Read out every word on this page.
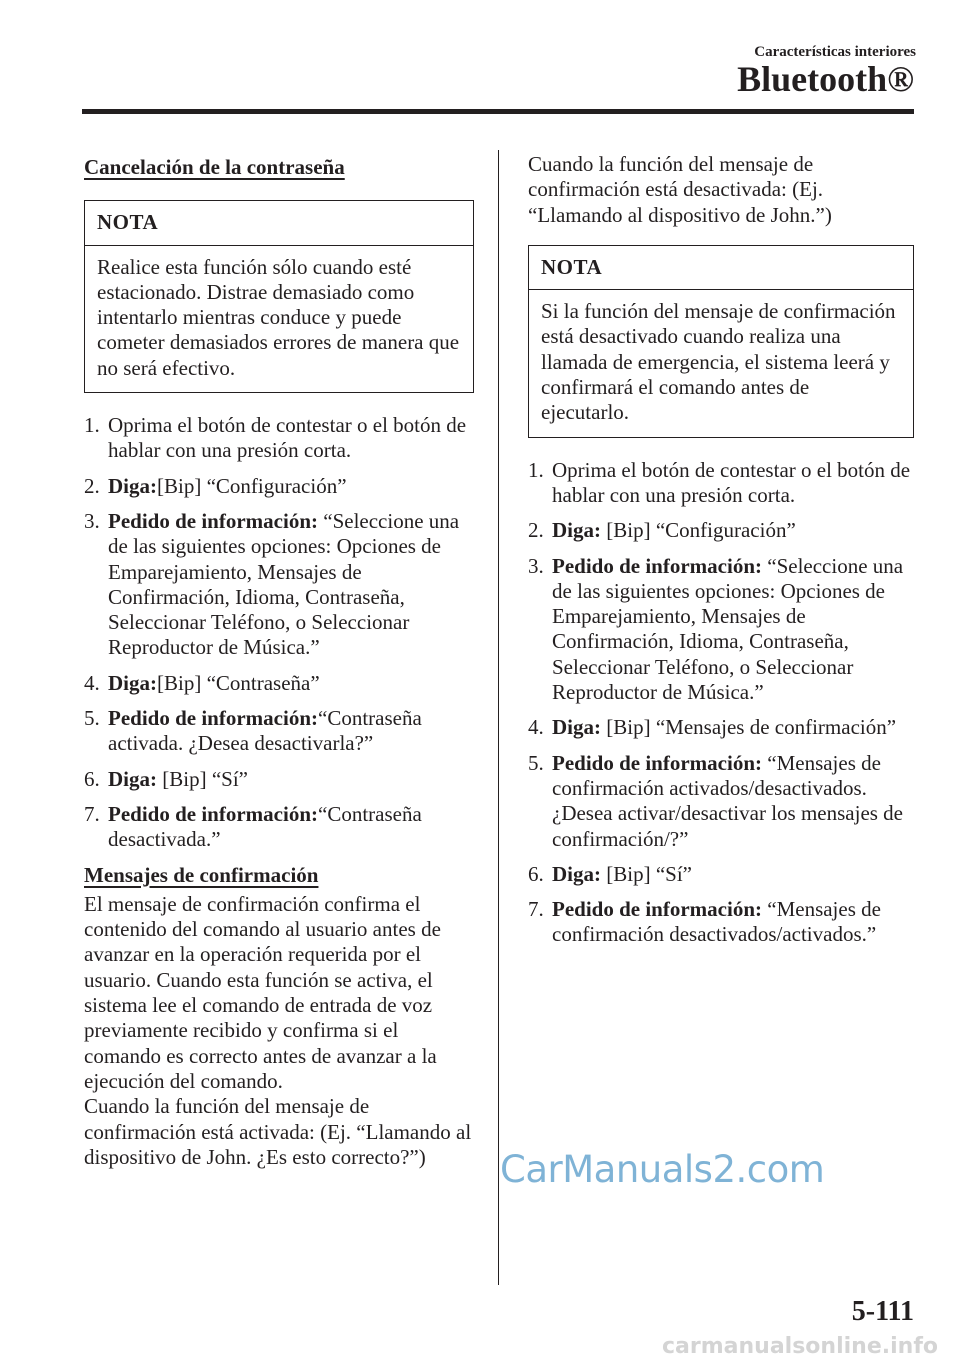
Características interiores
Bluetooth®

Cancelación de la contraseña

NOTA
Realice esta función sólo cuando esté estacionado. Distrae demasiado como intentarlo mientras conduce y puede cometer demasiados errores de manera que no será efectivo.
1. Oprima el botón de contestar o el botón de hablar con una presión corta.
2. Diga:[Bip] “Configuración”
3. Pedido de información: “Seleccione una de las siguientes opciones: Opciones de Emparejamiento, Mensajes de Confirmación, Idioma, Contraseña, Seleccionar Teléfono, o Seleccionar Reproductor de Música.”
4. Diga:[Bip] “Contraseña”
5. Pedido de información:“Contraseña activada. ¿Desea desactivarla?”
6. Diga: [Bip] “Sí”
7. Pedido de información:“Contraseña desactivada.”

Mensajes de confirmación

El mensaje de confirmación confirma el contenido del comando al usuario antes de avanzar en la operación requerida por el usuario. Cuando esta función se activa, el sistema lee el comando de entrada de voz previamente recibido y confirma si el comando es correcto antes de avanzar a la ejecución del comando.

Cuando la función del mensaje de confirmación está activada: (Ej. “Llamando al dispositivo de John. ¿Es esto correcto?”)

Cuando la función del mensaje de confirmación está desactivada: (Ej. “Llamando al dispositivo de John.”)

NOTA
Si la función del mensaje de confirmación está desactivado cuando realiza una llamada de emergencia, el sistema leerá y confirmará el comando antes de ejecutarlo.
1. Oprima el botón de contestar o el botón de hablar con una presión corta.
2. Diga: [Bip] “Configuración”
3. Pedido de información: “Seleccione una de las siguientes opciones: Opciones de Emparejamiento, Mensajes de Confirmación, Idioma, Contraseña, Seleccionar Teléfono, o Seleccionar Reproductor de Música.”
4. Diga: [Bip] “Mensajes de confirmación”
5. Pedido de información: “Mensajes de confirmación activados/desactivados. ¿Desea activar/desactivar los mensajes de confirmación/?”
6. Diga: [Bip] “Sí”
7. Pedido de información: “Mensajes de confirmación desactivados/activados.”
CarManuals2.com
5-111
carmanualsonline.info
